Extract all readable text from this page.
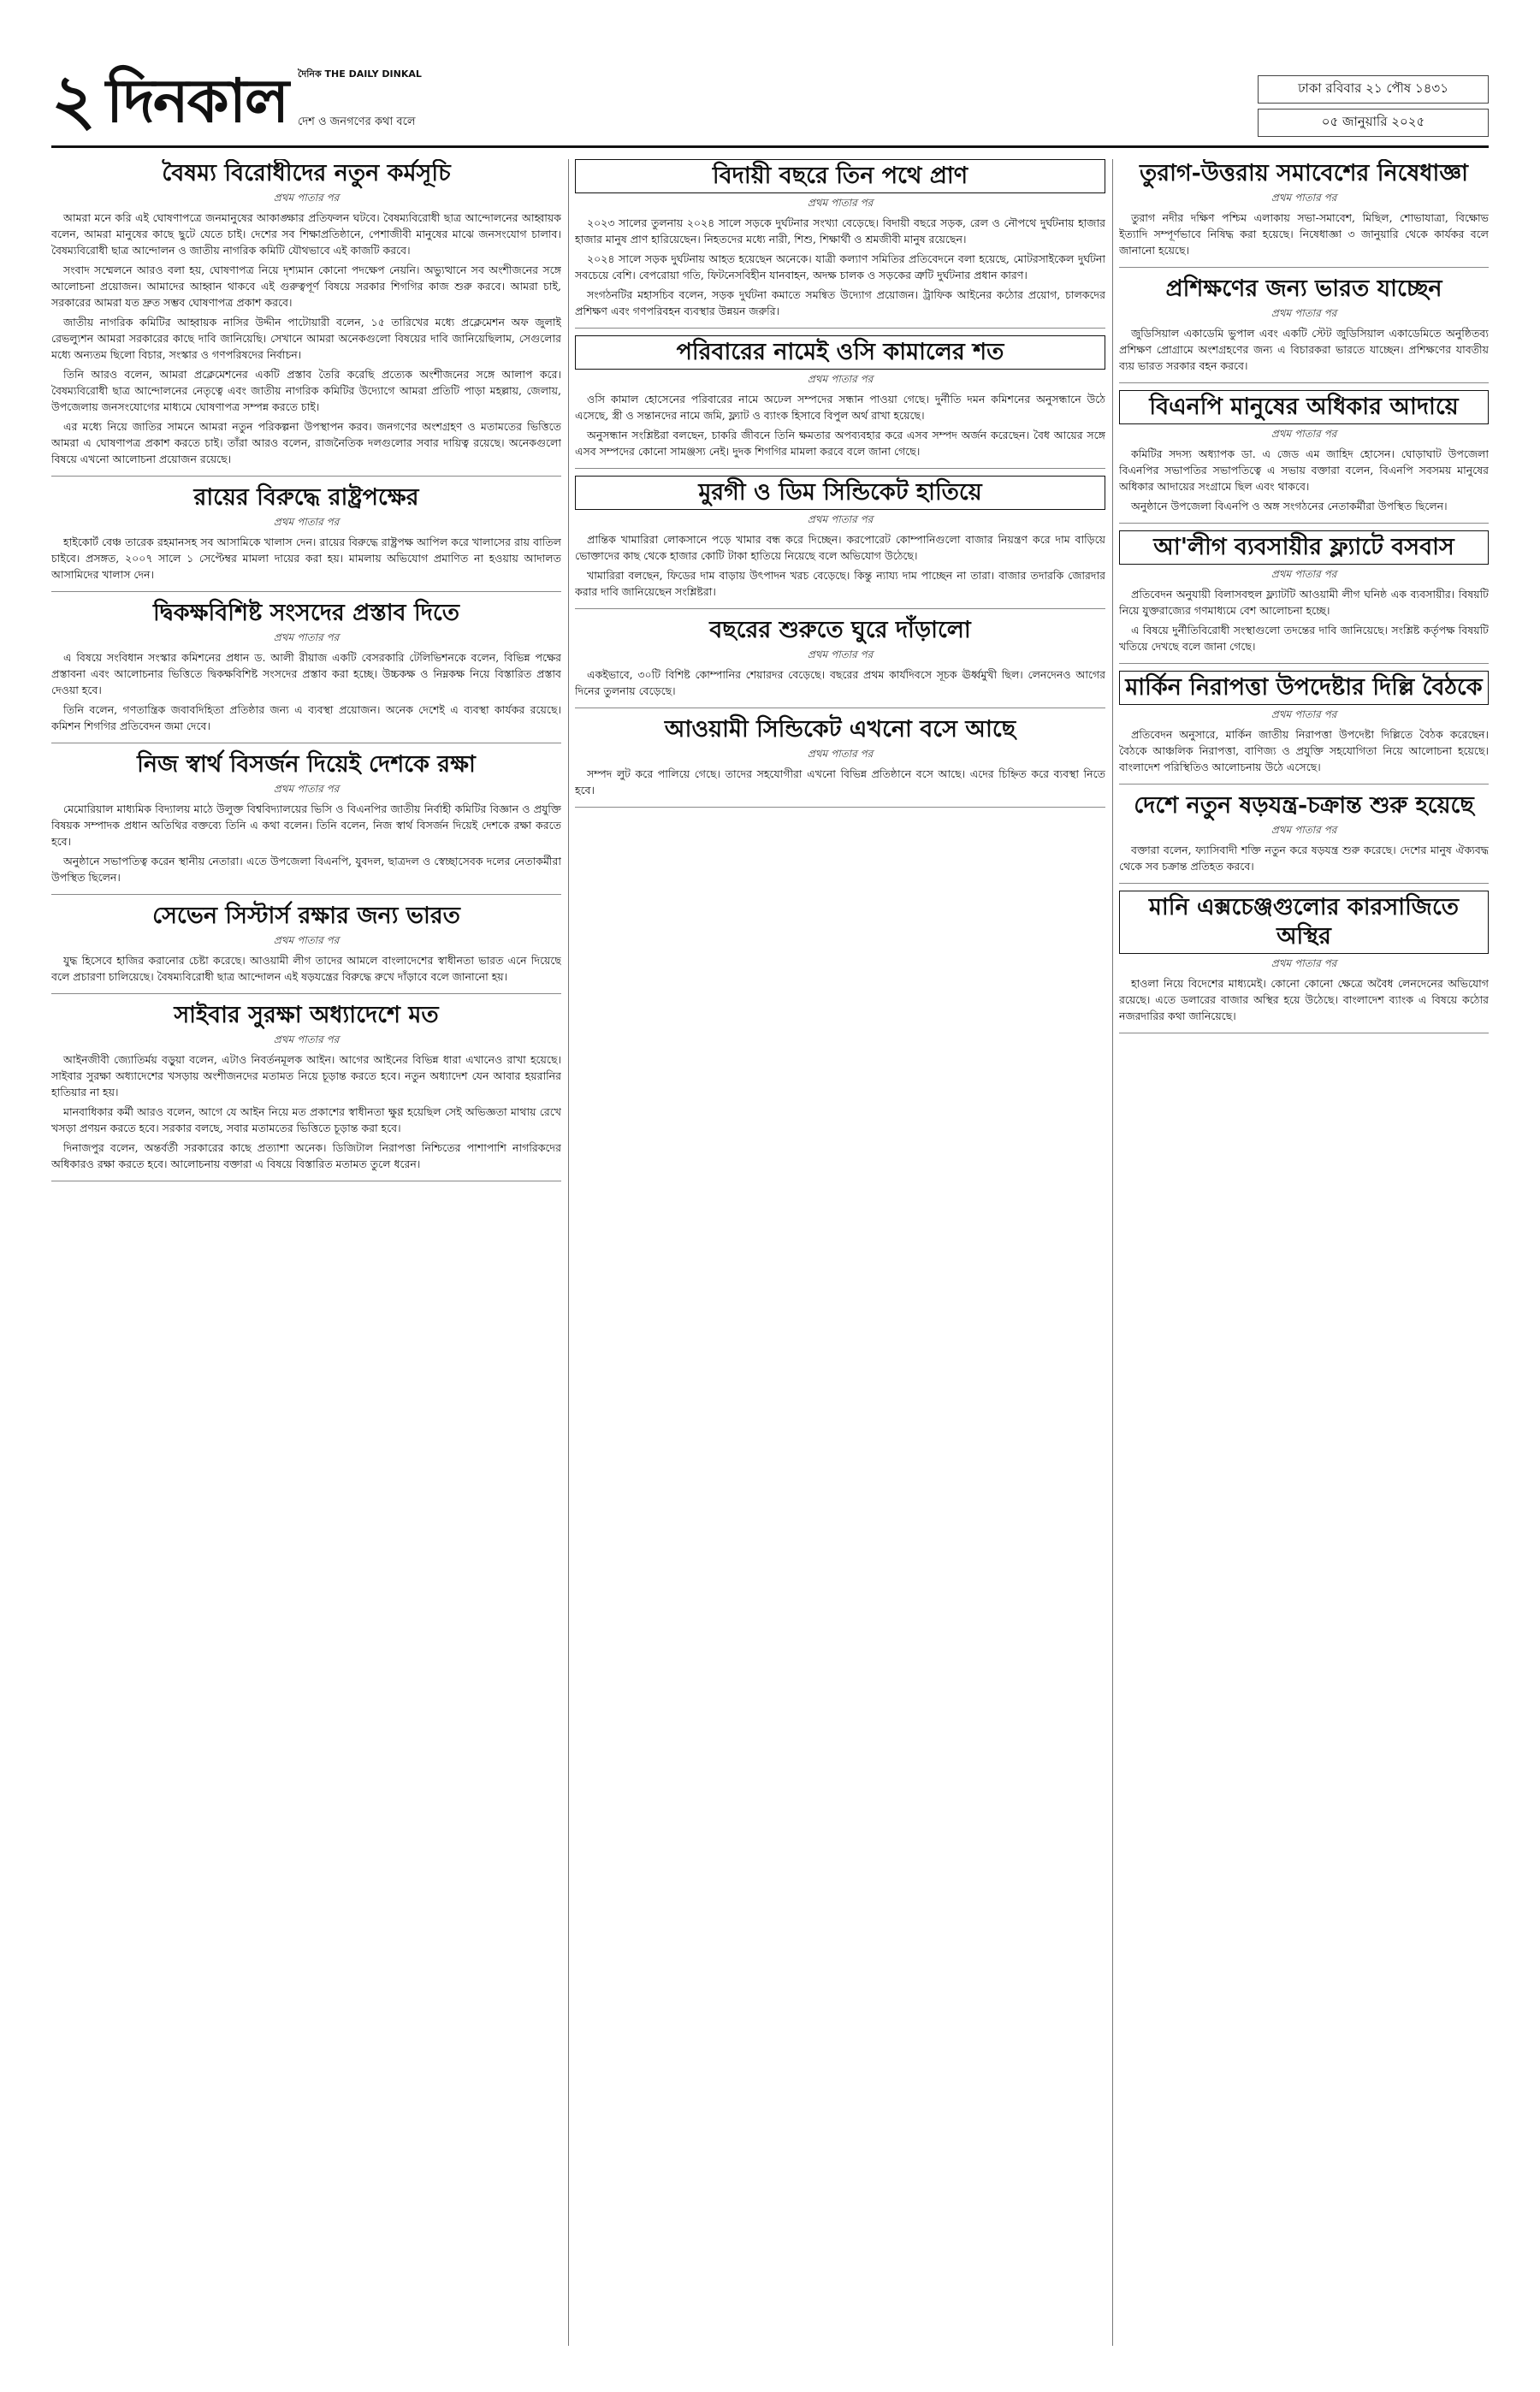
২ দিনকাল দৈনিক THE DAILY DINKAL
দেশ ও জনগণের কথা বলে
ঢাকা রবিবার ২১ পৌষ ১৪৩১
০৫ জানুয়ারি ২০২৫
বৈষম্য বিরোধীদের নতুন কর্মসূচি
প্রথম পাতার পর

আমরা মনে করি এই ঘোষণাপত্রে জনমানুষের আকাঙ্ক্ষার প্রতিফলন ঘটবে। বৈষম্যবিরোধী ছাত্র আন্দোলনের আহ্বায়ক বলেন, আমরা মানুষের কাছে ছুটে যেতে চাই। দেশের সব শিক্ষাপ্রতিষ্ঠানে, পেশাজীবী মানুষের মাঝে জনসংযোগ চালাব। বৈষম্যবিরোধী ছাত্র আন্দোলন ও জাতীয় নাগরিক কমিটি যৌথভাবে এই কাজটি করবে।

সংবাদ সম্মেলনে আরও বলা হয়, ঘোষণাপত্র নিয়ে দৃশ্যমান কোনো পদক্ষেপ নেয়নি। অভ্যুত্থানে সব অংশীজনের সঙ্গে আলোচনা প্রয়োজন। আমাদের আহ্বান থাকবে এই গুরুত্বপূর্ণ বিষয়ে সরকার শিগগির কাজ শুরু করবে। আমরা চাই, সরকারের আমরা যত দ্রুত সম্ভব ঘোষণাপত্র প্রকাশ করবে।

জাতীয় নাগরিক কমিটির আহ্বায়ক নাসির উদ্দীন পাটোয়ারী বলেন, ১৫ তারিখের মধ্যে প্রক্লেমেশন অফ জুলাই রেভল্যুশন আমরা সরকারের কাছে দাবি জানিয়েছি। সেখানে আমরা অনেকগুলো বিষয়ের দাবি জানিয়েছিলাম, সেগুলোর মধ্যে অন্যতম ছিলো বিচার, সংস্কার ও গণপরিষদের নির্বাচন।

তিনি আরও বলেন, আমরা প্রক্লেমেশনের একটি প্রস্তাব তৈরি করেছি প্রত্যেক অংশীজনের সঙ্গে আলাপ করে। বৈষম্যবিরোধী ছাত্র আন্দোলনের নেতৃত্বে এবং জাতীয় নাগরিক কমিটির উদ্যোগে আমরা প্রতিটি পাড়া মহল্লায়, জেলায়, উপজেলায় জনসংযোগের মাধ্যমে ঘোষণাপত্র সম্পন্ন করতে চাই।

এর মধ্যে নিয়ে জাতির সামনে আমরা নতুন পরিকল্পনা উপস্থাপন করব। জনগণের অংশগ্রহণ ও মতামতের ভিত্তিতে আমরা এ ঘোষণাপত্র প্রকাশ করতে চাই। তাঁরা আরও বলেন, রাজনৈতিক দলগুলোর সবার দায়িত্ব রয়েছে। অনেকগুলো বিষয়ে এখনো আলোচনা প্রয়োজন রয়েছে।

রায়ের বিরুদ্ধে রাষ্ট্রপক্ষের
প্রথম পাতার পর

হাইকোর্ট বেঞ্চ তারেক রহমানসহ সব আসামিকে খালাস দেন। রায়ের বিরুদ্ধে রাষ্ট্রপক্ষ আপিল করে খালাসের রায় বাতিল চাইবে। প্রসঙ্গত, ২০০৭ সালে ১ সেপ্টেম্বর মামলা দায়ের করা হয়। মামলায় অভিযোগ প্রমাণিত না হওয়ায় আদালত আসামিদের খালাস দেন।

দ্বিকক্ষবিশিষ্ট সংসদের প্রস্তাব দিতে
প্রথম পাতার পর

এ বিষয়ে সংবিধান সংস্কার কমিশনের প্রধান ড. আলী রীয়াজ একটি বেসরকারি টেলিভিশনকে বলেন, বিভিন্ন পক্ষের প্রস্তাবনা এবং আলোচনার ভিত্তিতে দ্বিকক্ষবিশিষ্ট সংসদের প্রস্তাব করা হচ্ছে। উচ্চকক্ষ ও নিম্নকক্ষ নিয়ে বিস্তারিত প্রস্তাব দেওয়া হবে।

তিনি বলেন, গণতান্ত্রিক জবাবদিহিতা প্রতিষ্ঠার জন্য এ ব্যবস্থা প্রয়োজন। অনেক দেশেই এ ব্যবস্থা কার্যকর রয়েছে। কমিশন শিগগির প্রতিবেদন জমা দেবে।

নিজ স্বার্থ বিসর্জন দিয়েই দেশকে রক্ষা
প্রথম পাতার পর

মেমোরিয়াল মাধ্যমিক বিদ্যালয় মাঠে উলুক্ত বিশ্ববিদ্যালয়ের ভিসি ও বিএনপির জাতীয় নির্বাহী কমিটির বিজ্ঞান ও প্রযুক্তি বিষয়ক সম্পাদক প্রধান অতিথির বক্তব্যে তিনি এ কথা বলেন। তিনি বলেন, নিজ স্বার্থ বিসর্জন দিয়েই দেশকে রক্ষা করতে হবে।

অনুষ্ঠানে সভাপতিত্ব করেন স্থানীয় নেতারা। এতে উপজেলা বিএনপি, যুবদল, ছাত্রদল ও স্বেচ্ছাসেবক দলের নেতাকর্মীরা উপস্থিত ছিলেন।

সেভেন সিস্টার্স রক্ষার জন্য ভারত
প্রথম পাতার পর

যুদ্ধ হিসেবে হাজির করানোর চেষ্টা করেছে। আওয়ামী লীগ তাদের আমলে বাংলাদেশের স্বাধীনতা ভারত এনে দিয়েছে বলে প্রচারণা চালিয়েছে। বৈষম্যবিরোধী ছাত্র আন্দোলন এই ষড়যন্ত্রের বিরুদ্ধে রুখে দাঁড়াবে বলে জানানো হয়।

সাইবার সুরক্ষা অধ্যাদেশে মত
প্রথম পাতার পর

আইনজীবী জ্যোতির্ময় বড়ুয়া বলেন, এটাও নিবর্তনমূলক আইন। আগের আইনের বিভিন্ন ধারা এখানেও রাখা হয়েছে। সাইবার সুরক্ষা অধ্যাদেশের খসড়ায় অংশীজনদের মতামত নিয়ে চূড়ান্ত করতে হবে। নতুন অধ্যাদেশ যেন আবার হয়রানির হাতিয়ার না হয়।

মানবাধিকার কর্মী আরও বলেন, আগে যে আইন নিয়ে মত প্রকাশের স্বাধীনতা ক্ষুণ্ণ হয়েছিল সেই অভিজ্ঞতা মাথায় রেখে খসড়া প্রণয়ন করতে হবে। সরকার বলছে, সবার মতামতের ভিত্তিতে চূড়ান্ত করা হবে।

দিনাজপুর বলেন, অন্তর্বর্তী সরকারের কাছে প্রত্যাশা অনেক। ডিজিটাল নিরাপত্তা নিশ্চিতের পাশাপাশি নাগরিকদের অধিকারও রক্ষা করতে হবে। আলোচনায় বক্তারা এ বিষয়ে বিস্তারিত মতামত তুলে ধরেন।

বিদায়ী বছরে তিন পথে প্রাণ
প্রথম পাতার পর

২০২৩ সালের তুলনায় ২০২৪ সালে সড়কে দুর্ঘটনার সংখ্যা বেড়েছে। বিদায়ী বছরে সড়ক, রেল ও নৌপথে দুর্ঘটনায় হাজার হাজার মানুষ প্রাণ হারিয়েছেন। নিহতদের মধ্যে নারী, শিশু, শিক্ষার্থী ও শ্রমজীবী মানুষ রয়েছেন।

২০২৪ সালে সড়ক দুর্ঘটনায় আহত হয়েছেন অনেকে। যাত্রী কল্যাণ সমিতির প্রতিবেদনে বলা হয়েছে, মোটরসাইকেল দুর্ঘটনা সবচেয়ে বেশি। বেপরোয়া গতি, ফিটনেসবিহীন যানবাহন, অদক্ষ চালক ও সড়কের ত্রুটি দুর্ঘটনার প্রধান কারণ।

সংগঠনটির মহাসচিব বলেন, সড়ক দুর্ঘটনা কমাতে সমন্বিত উদ্যোগ প্রয়োজন। ট্রাফিক আইনের কঠোর প্রয়োগ, চালকদের প্রশিক্ষণ এবং গণপরিবহন ব্যবস্থার উন্নয়ন জরুরি।

পরিবারের নামেই ওসি কামালের শত
প্রথম পাতার পর

ওসি কামাল হোসেনের পরিবারের নামে অঢেল সম্পদের সন্ধান পাওয়া গেছে। দুর্নীতি দমন কমিশনের অনুসন্ধানে উঠে এসেছে, স্ত্রী ও সন্তানদের নামে জমি, ফ্ল্যাট ও ব্যাংক হিসাবে বিপুল অর্থ রাখা হয়েছে।

অনুসন্ধান সংশ্লিষ্টরা বলছেন, চাকরি জীবনে তিনি ক্ষমতার অপব্যবহার করে এসব সম্পদ অর্জন করেছেন। বৈধ আয়ের সঙ্গে এসব সম্পদের কোনো সামঞ্জস্য নেই। দুদক শিগগির মামলা করবে বলে জানা গেছে।

মুরগী ও ডিম সিন্ডিকেট হাতিয়ে
প্রথম পাতার পর

প্রান্তিক খামারিরা লোকসানে পড়ে খামার বন্ধ করে দিচ্ছেন। করপোরেট কোম্পানিগুলো বাজার নিয়ন্ত্রণ করে দাম বাড়িয়ে ভোক্তাদের কাছ থেকে হাজার কোটি টাকা হাতিয়ে নিয়েছে বলে অভিযোগ উঠেছে।

খামারিরা বলছেন, ফিডের দাম বাড়ায় উৎপাদন খরচ বেড়েছে। কিন্তু ন্যায্য দাম পাচ্ছেন না তারা। বাজার তদারকি জোরদার করার দাবি জানিয়েছেন সংশ্লিষ্টরা।

বছরের শুরুতে ঘুরে দাঁড়ালো
প্রথম পাতার পর

একইভাবে, ৩০টি বিশিষ্ট কোম্পানির শেয়ারদর বেড়েছে। বছরের প্রথম কার্যদিবসে সূচক ঊর্ধ্বমুখী ছিল। লেনদেনও আগের দিনের তুলনায় বেড়েছে।

আওয়ামী সিন্ডিকেট এখনো বসে আছে
প্রথম পাতার পর

সম্পদ লুট করে পালিয়ে গেছে। তাদের সহযোগীরা এখনো বিভিন্ন প্রতিষ্ঠানে বসে আছে। এদের চিহ্নিত করে ব্যবস্থা নিতে হবে।

তুরাগ-উত্তরায় সমাবেশের নিষেধাজ্ঞা
প্রথম পাতার পর

তুরাগ নদীর দক্ষিণ পশ্চিম এলাকায় সভা-সমাবেশ, মিছিল, শোভাযাত্রা, বিক্ষোভ ইত্যাদি সম্পূর্ণভাবে নিষিদ্ধ করা হয়েছে। নিষেধাজ্ঞা ৩ জানুয়ারি থেকে কার্যকর বলে জানানো হয়েছে।

প্রশিক্ষণের জন্য ভারত যাচ্ছেন
প্রথম পাতার পর

জুডিসিয়াল একাডেমি ভুপাল এবং একটি স্টেট জুডিসিয়াল একাডেমিতে অনুষ্ঠিতব্য প্রশিক্ষণ প্রোগ্রামে অংশগ্রহণের জন্য এ বিচারকরা ভারতে যাচ্ছেন। প্রশিক্ষণের যাবতীয় ব্যয় ভারত সরকার বহন করবে।

বিএনপি মানুষের অধিকার আদায়ে
প্রথম পাতার পর

কমিটির সদস্য অধ্যাপক ডা. এ জেড এম জাহিদ হোসেন। ঘোড়াঘাট উপজেলা বিএনপির সভাপতির সভাপতিত্বে এ সভায় বক্তারা বলেন, বিএনপি সবসময় মানুষের অধিকার আদায়ের সংগ্রামে ছিল এবং থাকবে।

অনুষ্ঠানে উপজেলা বিএনপি ও অঙ্গ সংগঠনের নেতাকর্মীরা উপস্থিত ছিলেন।

আ'লীগ ব্যবসায়ীর ফ্ল্যাটে বসবাস
প্রথম পাতার পর

প্রতিবেদন অনুযায়ী বিলাসবহুল ফ্ল্যাটটি আওয়ামী লীগ ঘনিষ্ঠ এক ব্যবসায়ীর। বিষয়টি নিয়ে যুক্তরাজ্যের গণমাধ্যমে বেশ আলোচনা হচ্ছে।

এ বিষয়ে দুর্নীতিবিরোধী সংস্থাগুলো তদন্তের দাবি জানিয়েছে। সংশ্লিষ্ট কর্তৃপক্ষ বিষয়টি খতিয়ে দেখছে বলে জানা গেছে।

মার্কিন নিরাপত্তা উপদেষ্টার দিল্লি বৈঠকে
প্রথম পাতার পর

প্রতিবেদন অনুসারে, মার্কিন জাতীয় নিরাপত্তা উপদেষ্টা দিল্লিতে বৈঠক করেছেন। বৈঠকে আঞ্চলিক নিরাপত্তা, বাণিজ্য ও প্রযুক্তি সহযোগিতা নিয়ে আলোচনা হয়েছে। বাংলাদেশ পরিস্থিতিও আলোচনায় উঠে এসেছে।

দেশে নতুন ষড়যন্ত্র-চক্রান্ত শুরু হয়েছে
প্রথম পাতার পর

বক্তারা বলেন, ফ্যাসিবাদী শক্তি নতুন করে ষড়যন্ত্র শুরু করেছে। দেশের মানুষ ঐক্যবদ্ধ থেকে সব চক্রান্ত প্রতিহত করবে।

মানি এক্সচেঞ্জগুলোর কারসাজিতে অস্থির
প্রথম পাতার পর

হাওলা নিয়ে বিদেশের মাধ্যমেই। কোনো কোনো ক্ষেত্রে অবৈধ লেনদেনের অভিযোগ রয়েছে। এতে ডলারের বাজার অস্থির হয়ে উঠেছে। বাংলাদেশ ব্যাংক এ বিষয়ে কঠোর নজরদারির কথা জানিয়েছে।
